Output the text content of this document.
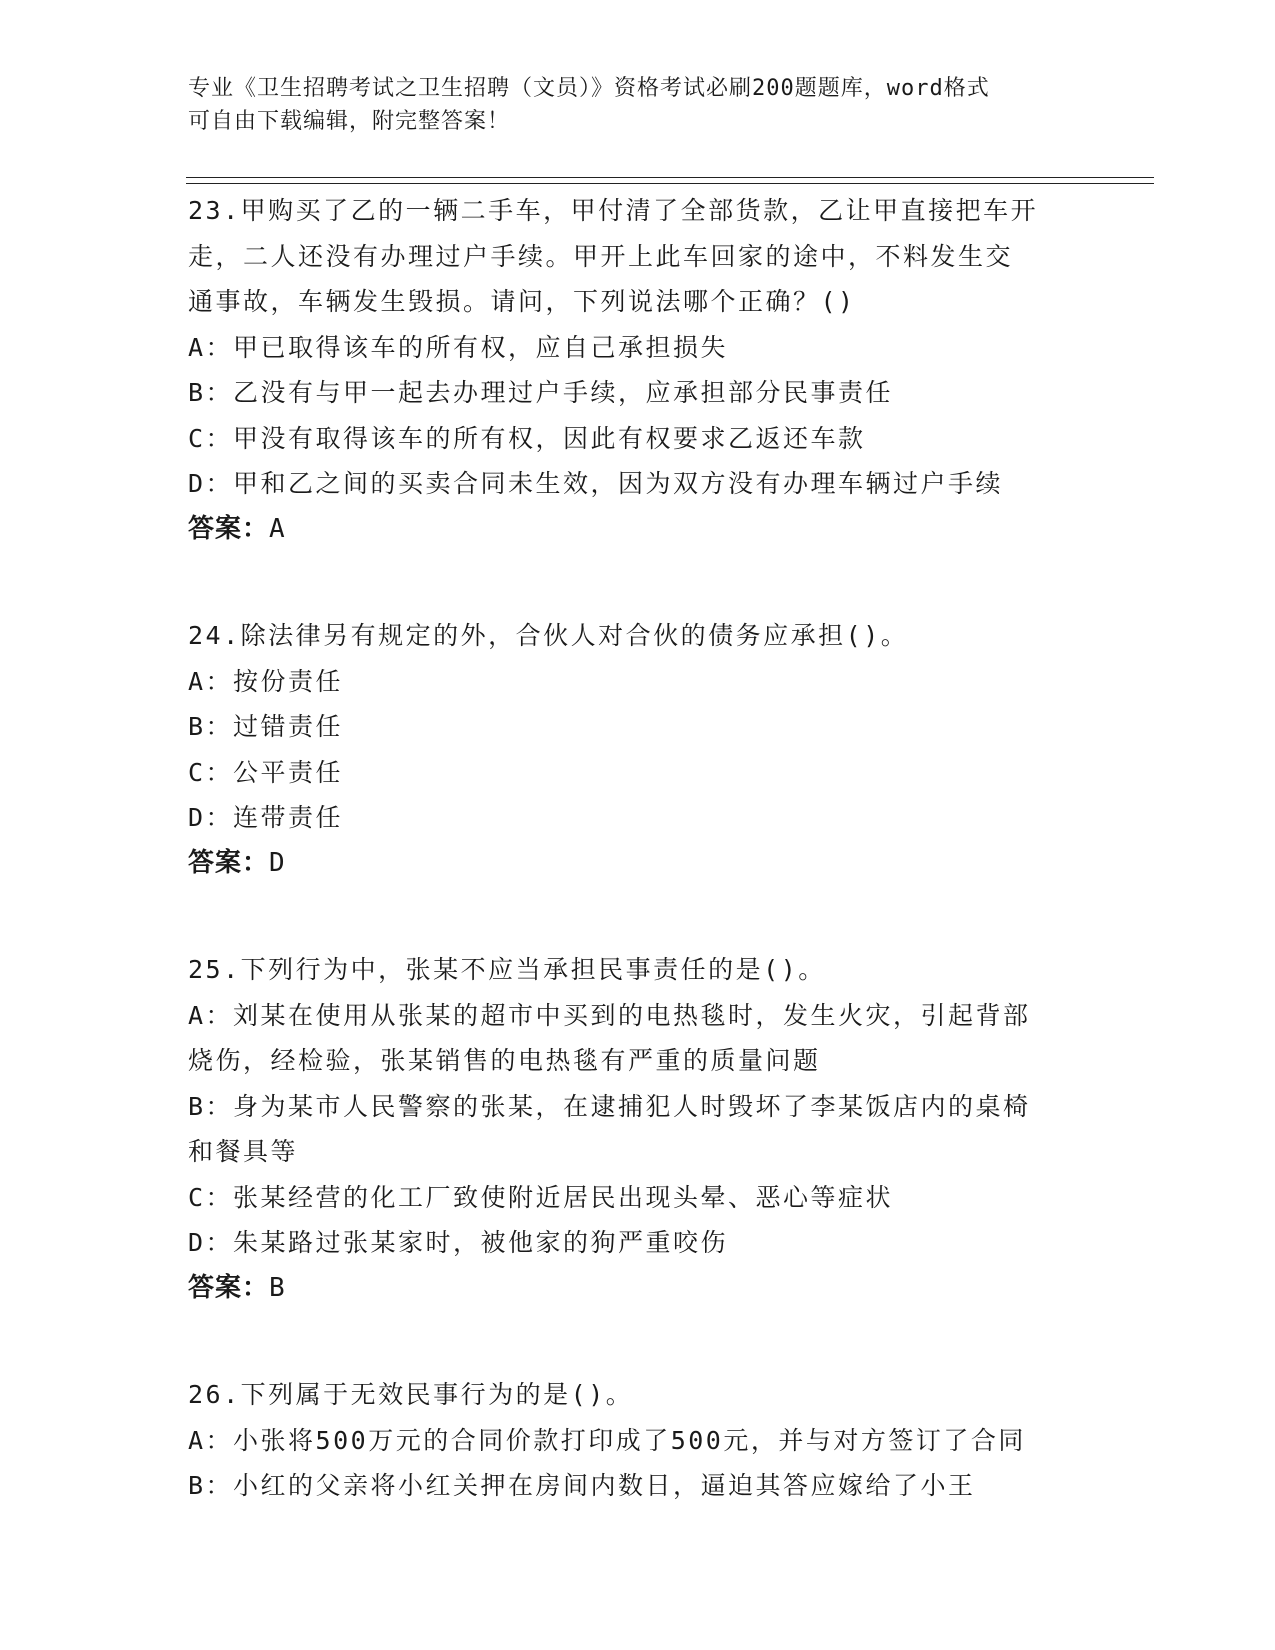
专业《卫生招聘考试之卫生招聘（文员）》资格考试必刷200题题库，word格式
可自由下载编辑，附完整答案！
23.甲购买了乙的一辆二手车，甲付清了全部货款，乙让甲直接把车开
走，二人还没有办理过户手续。甲开上此车回家的途中，不料发生交
通事故，车辆发生毁损。请问，下列说法哪个正确？()
A：甲已取得该车的所有权，应自己承担损失
B：乙没有与甲一起去办理过户手续，应承担部分民事责任
C：甲没有取得该车的所有权，因此有权要求乙返还车款
D：甲和乙之间的买卖合同未生效，因为双方没有办理车辆过户手续
答案：A
24.除法律另有规定的外，合伙人对合伙的债务应承担()。
A：按份责任
B：过错责任
C：公平责任
D：连带责任
答案：D
25.下列行为中，张某不应当承担民事责任的是()。
A：刘某在使用从张某的超市中买到的电热毯时，发生火灾，引起背部
烧伤，经检验，张某销售的电热毯有严重的质量问题
B：身为某市人民警察的张某，在逮捕犯人时毁坏了李某饭店内的桌椅
和餐具等
C：张某经营的化工厂致使附近居民出现头晕、恶心等症状
D：朱某路过张某家时，被他家的狗严重咬伤
答案：B
26.下列属于无效民事行为的是()。
A：小张将500万元的合同价款打印成了500元，并与对方签订了合同
B：小红的父亲将小红关押在房间内数日，逼迫其答应嫁给了小王
